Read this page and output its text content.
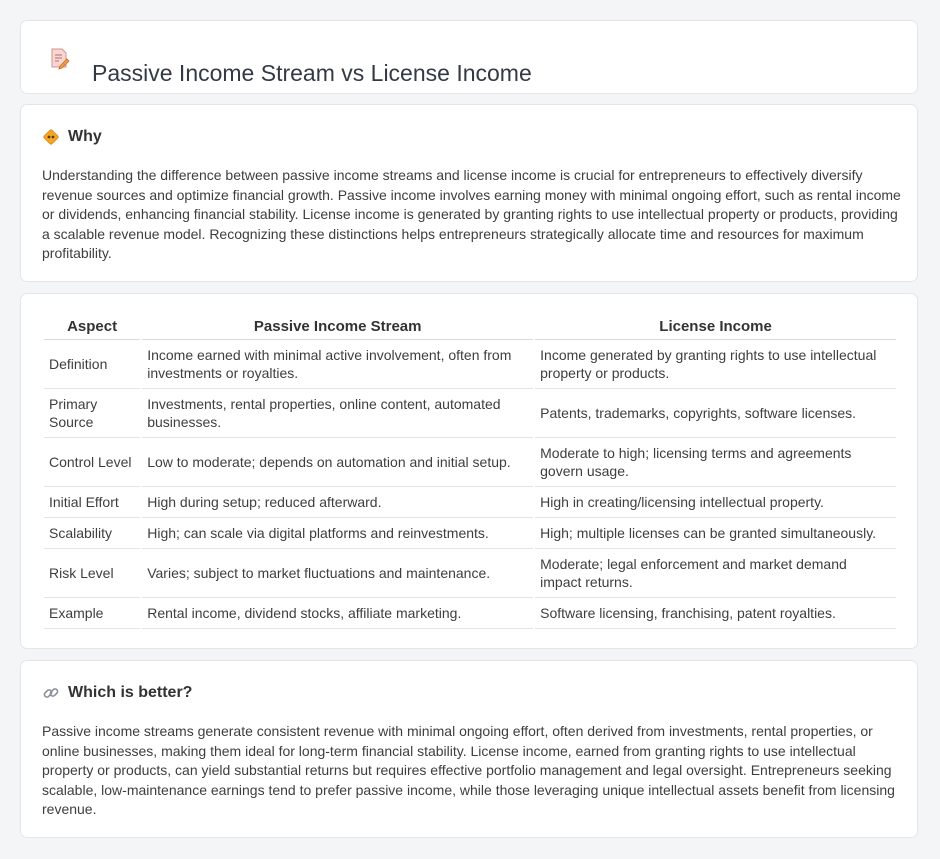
Passive Income Stream vs License Income
Why
Understanding the difference between passive income streams and license income is crucial for entrepreneurs to effectively diversify revenue sources and optimize financial growth. Passive income involves earning money with minimal ongoing effort, such as rental income or dividends, enhancing financial stability. License income is generated by granting rights to use intellectual property or products, providing a scalable revenue model. Recognizing these distinctions helps entrepreneurs strategically allocate time and resources for maximum profitability.
Aspect	Passive Income Stream	License Income
Definition	Income earned with minimal active involvement, often from investments or royalties.	Income generated by granting rights to use intellectual property or products.
Primary Source	Investments, rental properties, online content, automated businesses.	Patents, trademarks, copyrights, software licenses.
Control Level	Low to moderate; depends on automation and initial setup.	Moderate to high; licensing terms and agreements govern usage.
Initial Effort	High during setup; reduced afterward.	High in creating/licensing intellectual property.
Scalability	High; can scale via digital platforms and reinvestments.	High; multiple licenses can be granted simultaneously.
Risk Level	Varies; subject to market fluctuations and maintenance.	Moderate; legal enforcement and market demand impact returns.
Example	Rental income, dividend stocks, affiliate marketing.	Software licensing, franchising, patent royalties.
Which is better?
Passive income streams generate consistent revenue with minimal ongoing effort, often derived from investments, rental properties, or online businesses, making them ideal for long-term financial stability. License income, earned from granting rights to use intellectual property or products, can yield substantial returns but requires effective portfolio management and legal oversight. Entrepreneurs seeking scalable, low-maintenance earnings tend to prefer passive income, while those leveraging unique intellectual assets benefit from licensing revenue.
